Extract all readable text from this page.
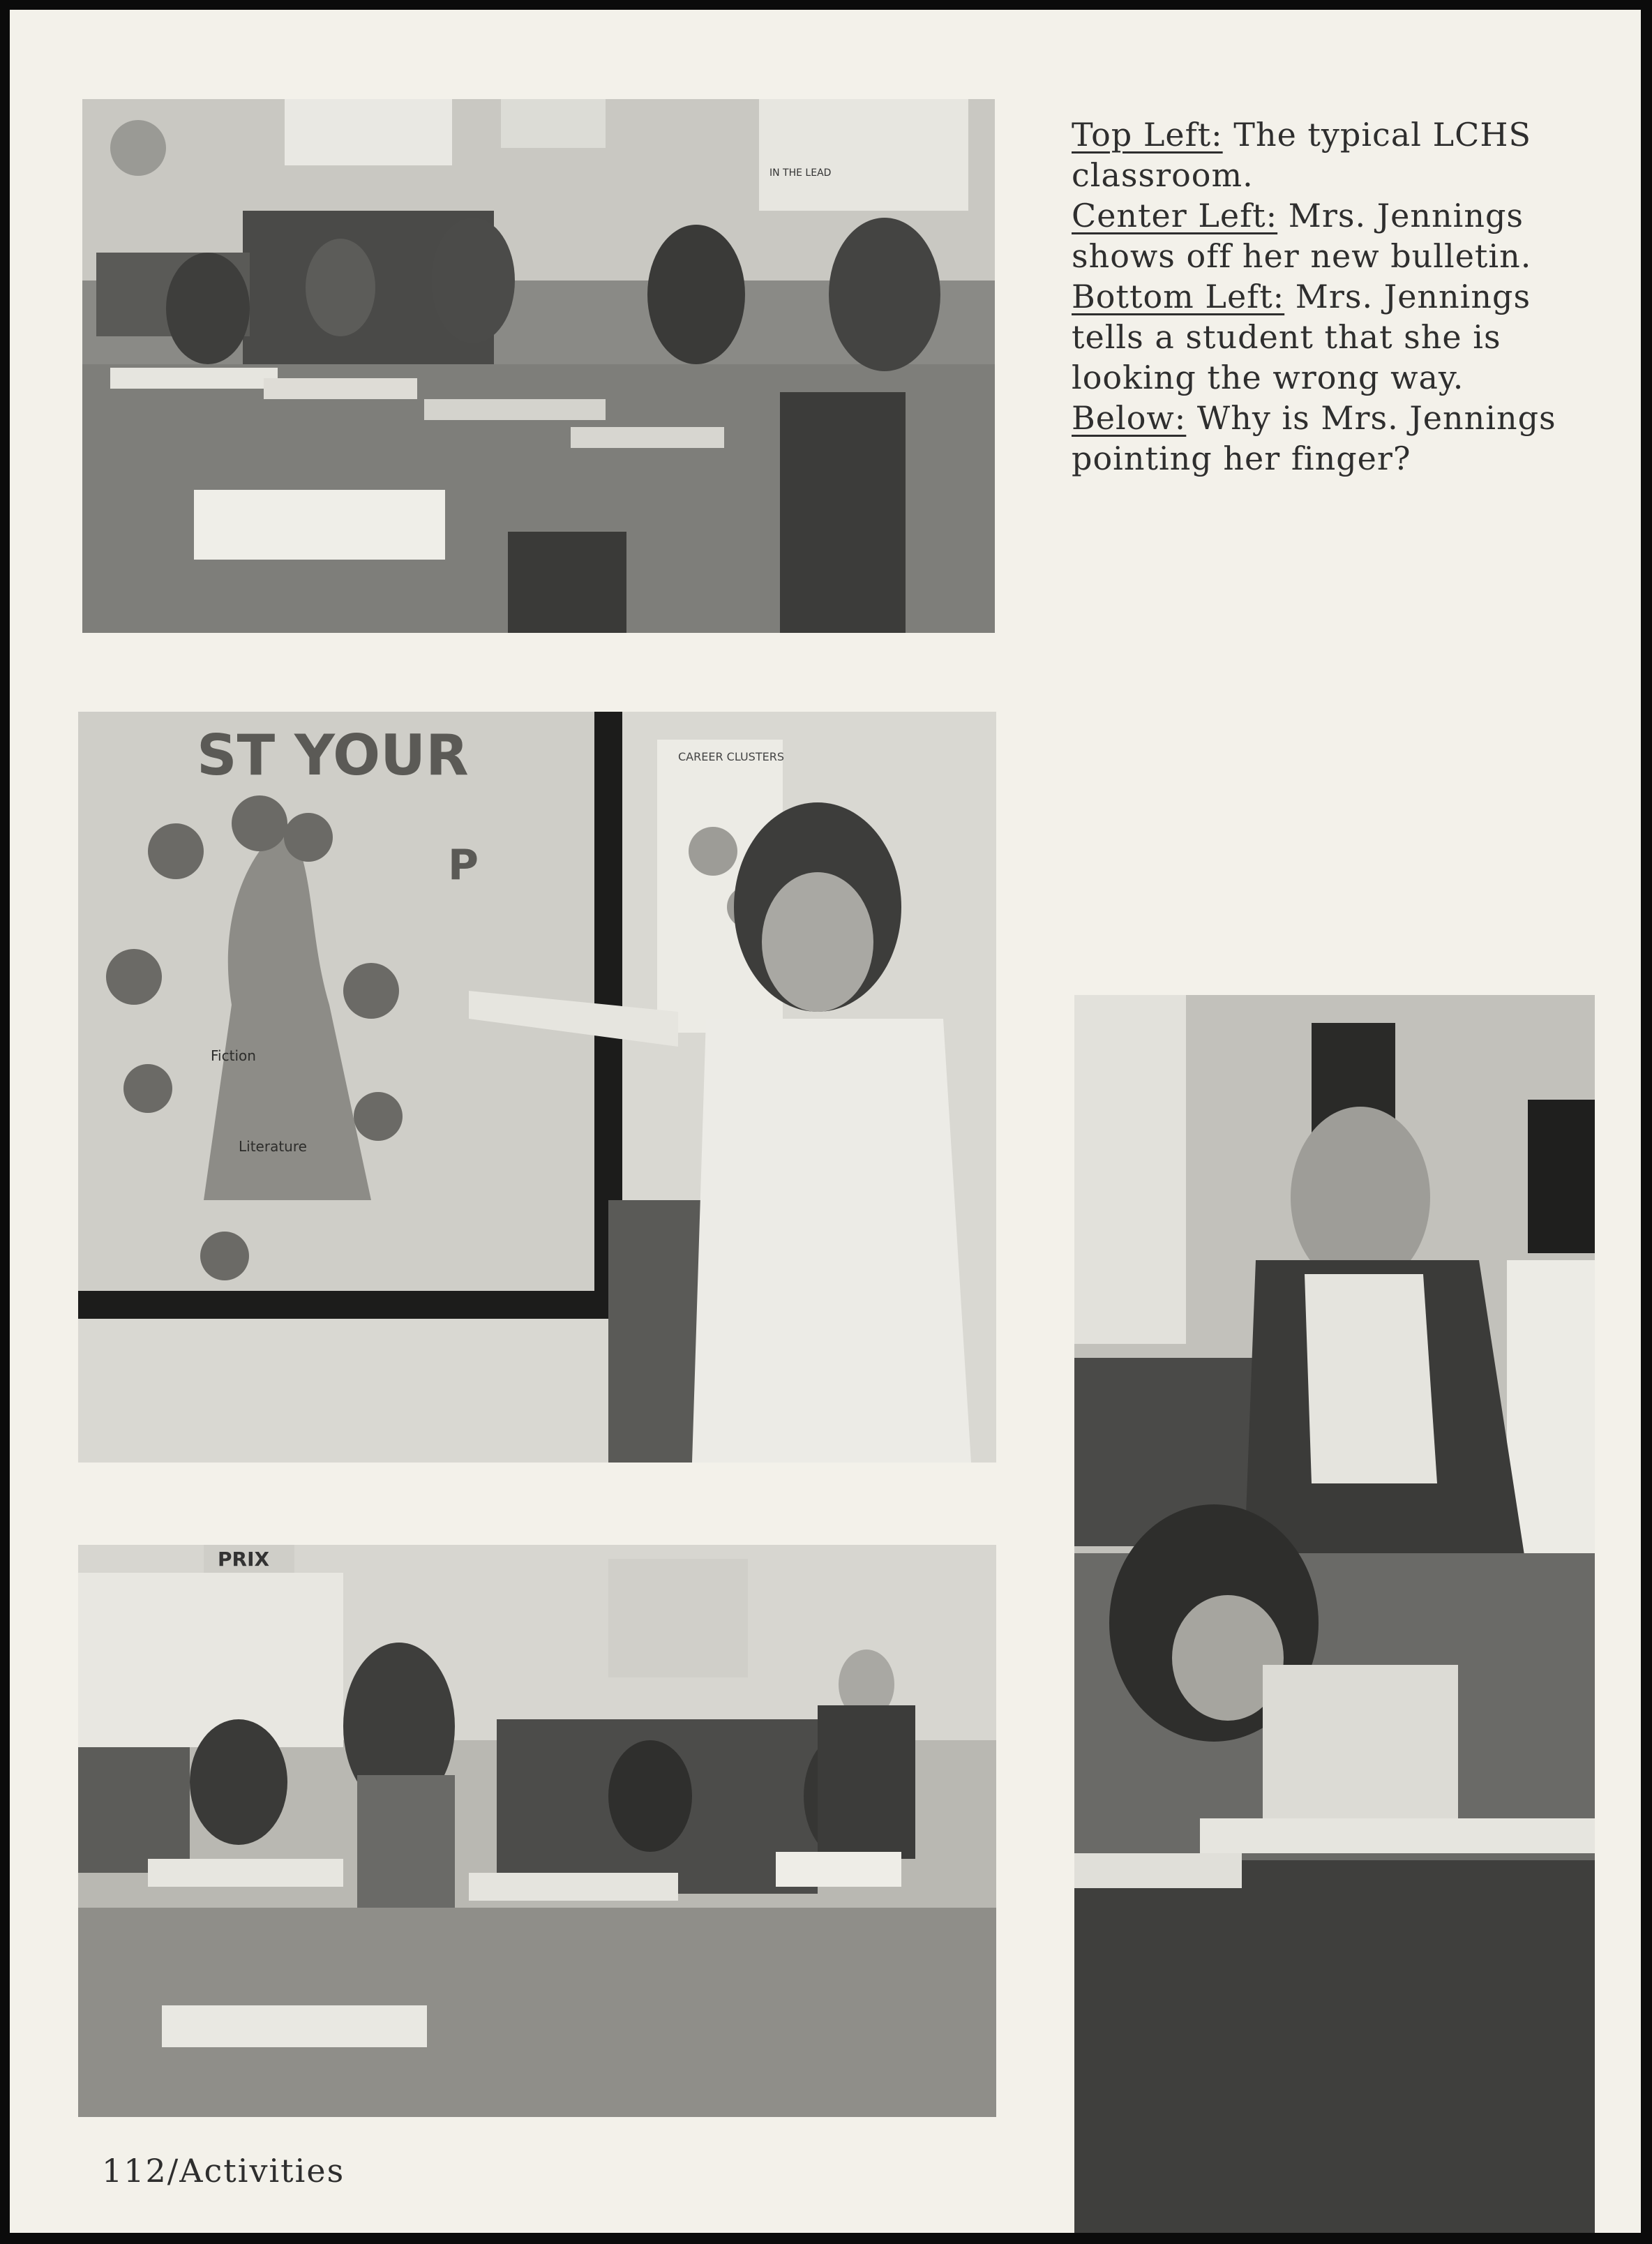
IN THE LEAD
Top Left: The typical LCHS
classroom.
Center Left: Mrs. Jennings
shows off her new bulletin.
Bottom Left: Mrs. Jennings
tells a student that she is
looking the wrong way.
Below: Why is Mrs. Jennings
pointing her finger?
ST YOUR
P
Fiction
Literature
CAREER CLUSTERS
PRIX
112/Activities
